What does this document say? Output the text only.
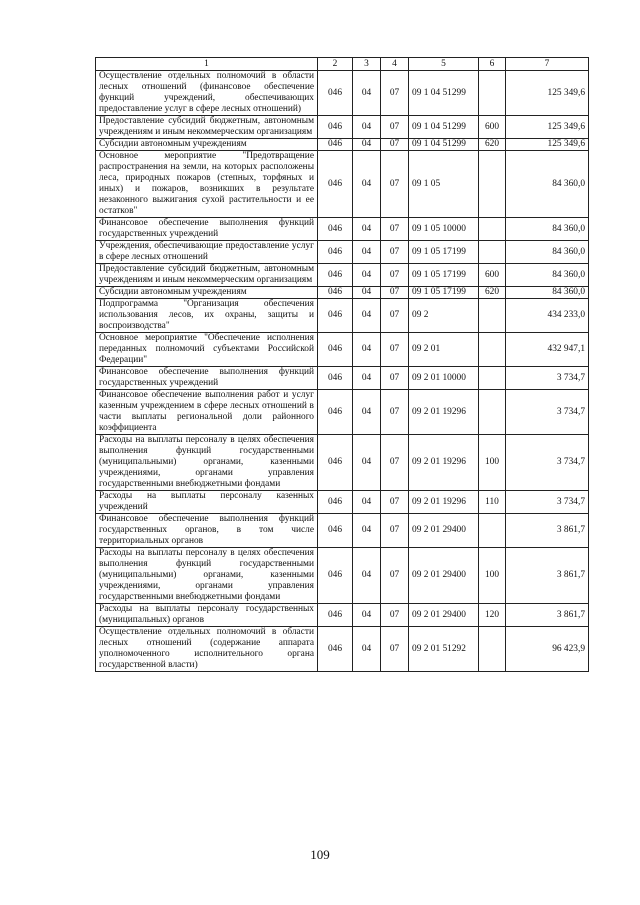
1	2	3	4	5	6	7
Осуществление отдельных полномочий в области лесных отношений (финансовое обеспечение функций учреждений, обеспечивающих предоставление услуг в сфере лесных отношений)	046	04	07	09 1 04 51299		125 349,6
Предоставление субсидий бюджетным, автономным учреждениям и иным некоммерческим организациям	046	04	07	09 1 04 51299	600	125 349,6
Субсидии автономным учреждениям	046	04	07	09 1 04 51299	620	125 349,6
Основное мероприятие "Предотвращение распространения на земли, на которых расположены леса, природных пожаров (степных, торфяных и иных) и пожаров, возникших в результате незаконного выжигания сухой растительности и ее остатков"	046	04	07	09 1 05		84 360,0
Финансовое обеспечение выполнения функций государственных учреждений	046	04	07	09 1 05 10000		84 360,0
Учреждения, обеспечивающие предоставление услуг в сфере лесных отношений	046	04	07	09 1 05 17199		84 360,0
Предоставление субсидий бюджетным, автономным учреждениям и иным некоммерческим организациям	046	04	07	09 1 05 17199	600	84 360,0
Субсидии автономным учреждениям	046	04	07	09 1 05 17199	620	84 360,0
Подпрограмма "Организация обеспечения использования лесов, их охраны, защиты и воспроизводства"	046	04	07	09 2		434 233,0
Основное мероприятие "Обеспечение исполнения переданных полномочий субъектами Российской Федерации"	046	04	07	09 2 01		432 947,1
Финансовое обеспечение выполнения функций государственных учреждений	046	04	07	09 2 01 10000		3 734,7
Финансовое обеспечение выполнения работ и услуг казенным учреждением в сфере лесных отношений в части выплаты региональной доли районного коэффициента	046	04	07	09 2 01 19296		3 734,7
Расходы на выплаты персоналу в целях обеспечения выполнения функций государственными (муниципальными) органами, казенными учреждениями, органами управления государственными внебюджетными фондами	046	04	07	09 2 01 19296	100	3 734,7
Расходы на выплаты персоналу казенных учреждений	046	04	07	09 2 01 19296	110	3 734,7
Финансовое обеспечение выполнения функций государственных органов, в том числе территориальных органов	046	04	07	09 2 01 29400		3 861,7
Расходы на выплаты персоналу в целях обеспечения выполнения функций государственными (муниципальными) органами, казенными учреждениями, органами управления государственными внебюджетными фондами	046	04	07	09 2 01 29400	100	3 861,7
Расходы на выплаты персоналу государственных (муниципальных) органов	046	04	07	09 2 01 29400	120	3 861,7
Осуществление отдельных полномочий в области лесных отношений (содержание аппарата уполномоченного исполнительного органа государственной власти)	046	04	07	09 2 01 51292		96 423,9
109
